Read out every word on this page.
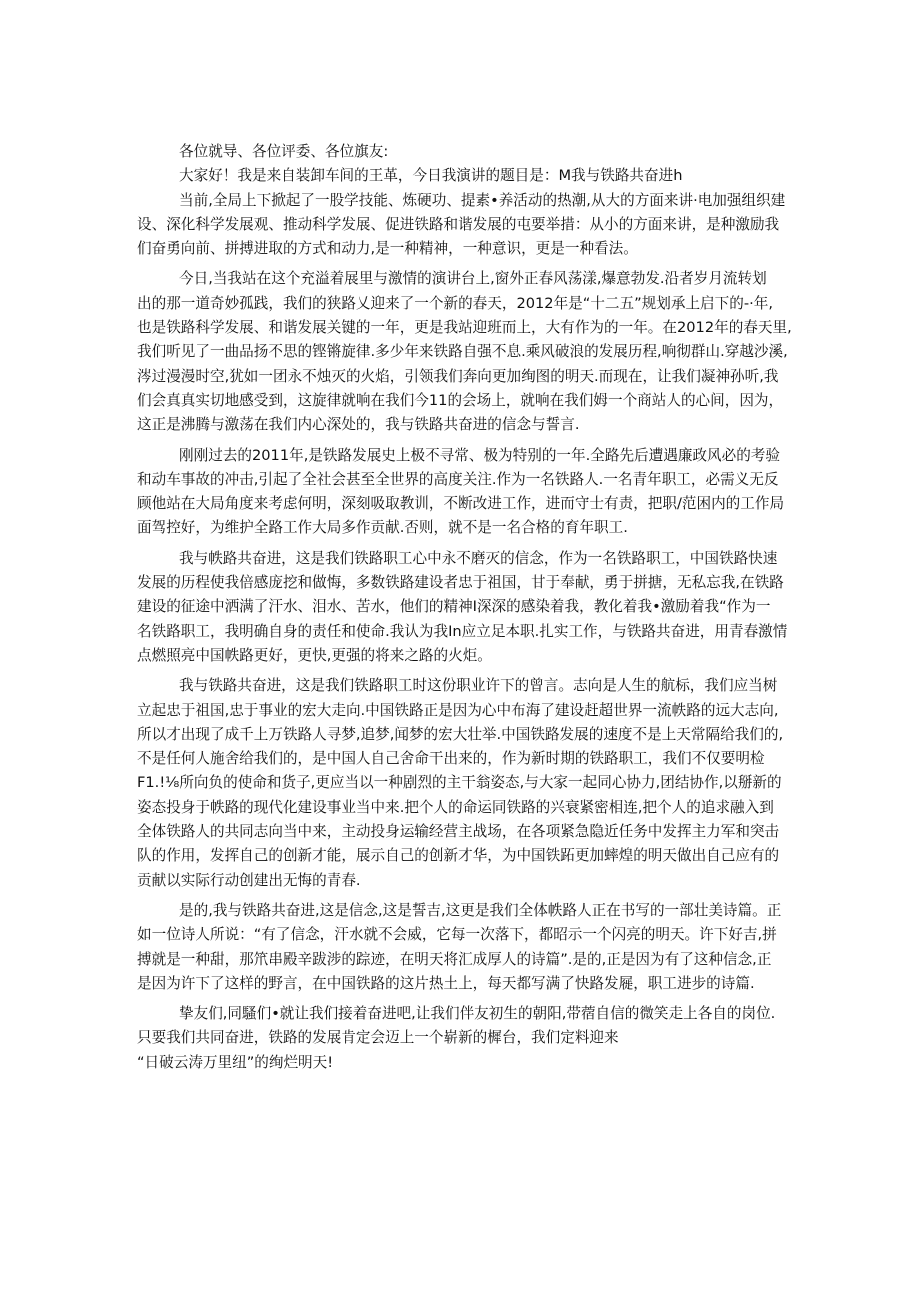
各位就导、各位评委、各位旗友:
大家好！我是来自装卸车间的王革，今日我演讲的题目是：M我与铁路共奋进h
当前,全局上下掀起了一股学技能、炼硬功、提素•养活动的热潮,从大的方面来讲·电加强组织建
设、深化科学发展观、推动科学发展、促进铁路和谐发展的屯要举措：从小的方面来讲，是种激励我
们奋勇向前、拼搏进取的方式和动力,是一种精神，一种意识，更是一种看法。
今日,当我站在这个充溢着展里与激情的演讲台上,窗外正春风荡漾,爆意勃发.沿者岁月流转划
出的那一道奇妙孤践，我们的狭路乂迎来了一个新的春天，2012年是“十二五”规划承上启下的-·年,
也是铁路科学发展、和谐发展关键的一年，更是我站迎班而上，大有作为的一年。在2012年的春天里,
我们听见了一曲品扬不思的铿锵旋律.多少年来铁路自强不息.乘风破浪的发展历程,响彻群山.穿越沙溪,
涔过漫漫时空,犹如一团永不烛灭的火焰，引领我们奔向更加绚图的明天.而现在，让我们凝神孙听,我
们会真真实切地感受到，这旋律就响在我们今11的会场上，就响在我们姆一个商站人的心间，因为，
这正是沸腾与激荡在我们内心深处的，我与铁路共奋进的信念与誓言.
刚刚过去的2011年,是铁路发展史上极不寻常、极为特别的一年.全路先后遭遇廉政风必的考验
和动车事故的冲击,引起了全社会甚至全世界的高度关注.作为一名铁路人.一名青年职工，必需义无反
顾他站在大局角度来考虑何明，深刻吸取教训，不断改进工作，进而守士有责，把职/范困内的工作局
面驾控好，为维护全路工作大局多作贡献.否则，就不是一名合格的育年职工.
我与帙路共奋进，这是我们铁路职工心中永不磨灭的信念，作为一名铁路职工，中国铁路快速
发展的历程使我倍感庞挖和做悔，多数铁路建设者忠于祖国，甘于奉献，勇于拼搪，无私忘我,在铁路
建设的征途中洒满了汗水、泪水、苦水，他们的精神I深深的感染着我，教化着我•激励着我“作为一
名铁路职工，我明确自身的责任和使命.我认为我In应立足本职.扎实工作，与铁路共奋进，用青春激情
点燃照亮中国帙路更好，更快,更强的将来之路的火炬。
我与铁路共奋进，这是我们铁路职工时这份职业许下的曾言。志向是人生的航标，我们应当树
立起忠于祖国,忠于事业的宏大走向.中国铁路正是因为心中布海了建设赶超世界一流帙路的远大志向,
所以才出现了成千上万铁路人寻梦,追梦,闻梦的宏大壮举.中国铁路发展的速度不是上天常隔给我们的,
不是任何人施舍给我们的，是中国人自己舍命干出来的，作为新时期的铁路职工，我们不仅要明检
F1.!⅛所向负的使命和货子,更应当以一种剧烈的主干翁姿态,与大家一起同心协力,团结协作,以掰新的
姿态投身于帙路的现代化建设事业当中来.把个人的命运同铁路的兴衰紧密相连,把个人的追求融入到
全体铁路人的共同志向当中来，主动投身运输经营主战场，在各项紧急隐近任务中发挥主力军和突击
队的作用，发挥自己的创新才能，展示自己的创新才华，为中国铁跖更加蟀煌的明天做出自己应有的
贡献以实际行动创建出无悔的青春.
是的,我与铁路共奋进,这是信念,这是誓吉,这更是我们全体帙路人正在书写的一部壮美诗篇。正
如一位诗人所说：“有了信念，汗水就不会威，它每一次落下，都昭示一个闪亮的明天。许下好吉,拼
搏就是一种甜，那笊串殿辛跋涉的踪迹，在明天将汇成厚人的诗篇”.是的,正是因为有了这种信念,正
是因为许下了这样的野言，在中国铁路的这片热土上，每天都写满了快路发屣，职工进步的诗篇.
挚友们,同騷们•就让我们接着奋进吧,让我们伴友初生的朝阳,带蓿自信的微笑走上各自的岗位.
只要我们共同奋进，铁路的发展肯定会迈上一个崭新的樨台，我们定料迎来
“日破云涛万里纽”的绚烂明天!
